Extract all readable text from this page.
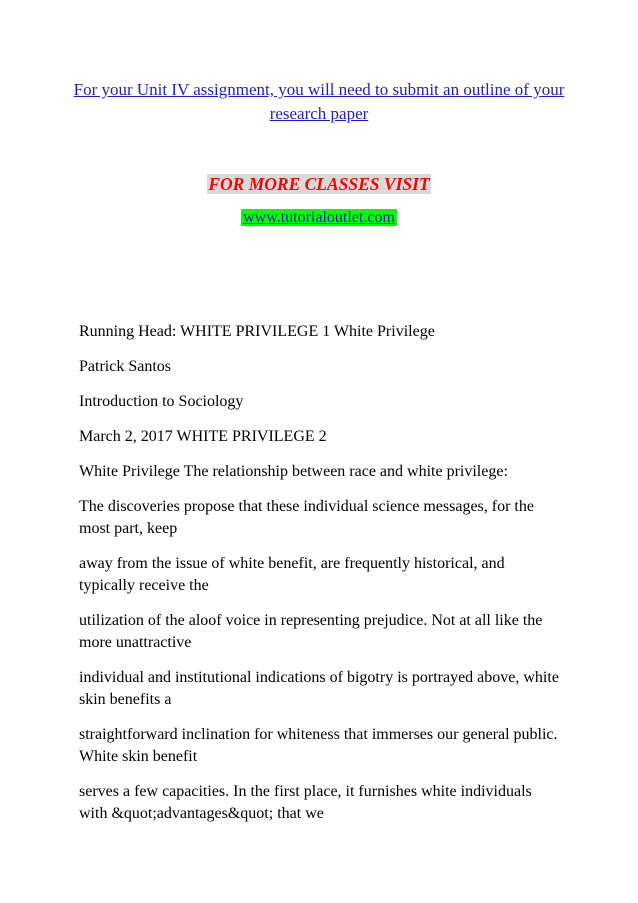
For your Unit IV assignment, you will need to submit an outline of your research paper
FOR MORE CLASSES VISIT
www.tutorialoutlet.com

Running Head: WHITE PRIVILEGE 1 White Privilege

Patrick Santos

Introduction to Sociology

March 2, 2017 WHITE PRIVILEGE 2

White Privilege The relationship between race and white privilege:

The discoveries propose that these individual science messages, for the most part, keep

away from the issue of white benefit, are frequently historical, and typically receive the

utilization of the aloof voice in representing prejudice. Not at all like the more unattractive

individual and institutional indications of bigotry is portrayed above, white skin benefits a

straightforward inclination for whiteness that immerses our general public. White skin benefit

serves a few capacities. In the first place, it furnishes white individuals with &quot;advantages&quot; that we
